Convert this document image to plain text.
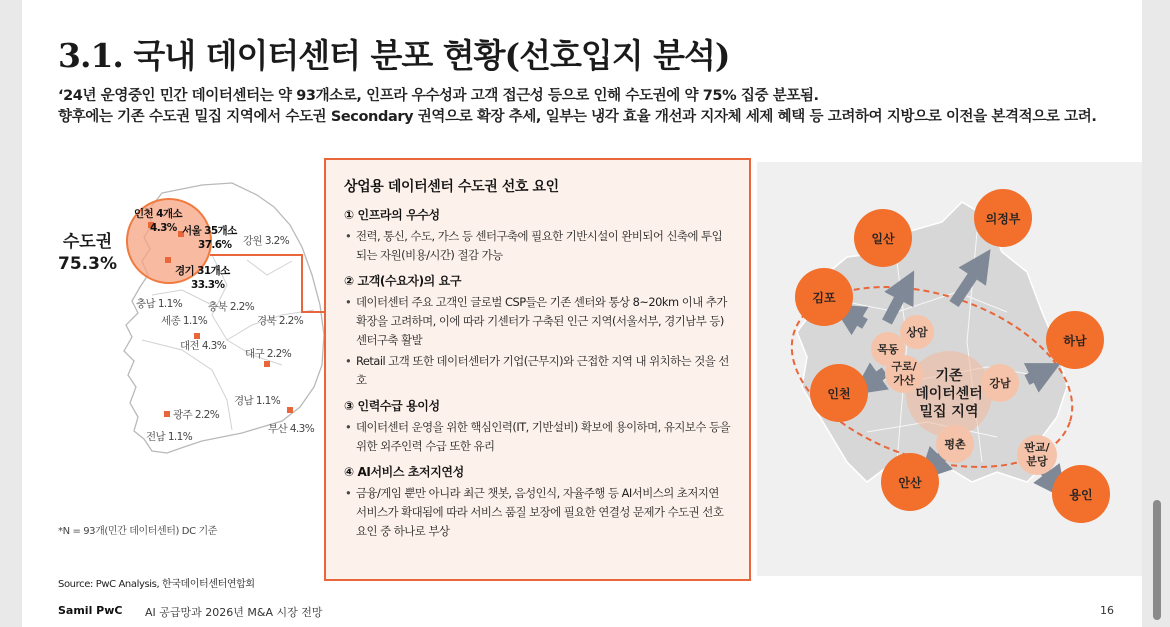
3.1. 국내 데이터센터 분포 현황(선호입지 분석)
‘24년 운영중인 민간 데이터센터는 약 93개소로, 인프라 우수성과 고객 접근성 등으로 인해 수도권에 약 75% 집중 분포됨.
향후에는 기존 수도권 밀집 지역에서 수도권 Secondary 권역으로 확장 추세, 일부는 냉각 효율 개선과 지자체 세제 혜택 등 고려하여 지방으로 이전을 본격적으로 고려.
수도권
75.3%
인천 4개소
4.3% 서울 35개소
37.6%
경기 31개소
33.3%
강원 3.2%
충남 1.1% 충북 2.2%
세종 1.1%	경북 2.2%
대전 4.3%
대구 2.2%
경남 1.1%
부산 4.3%
광주 2.2%
전남 1.1%
*N = 93개(민간 데이터센터) DC 기준
Source: PwC Analysis, 한국데이터센터연합회
Samil PwC AI 공급망과 2026년 M&A 시장 전망	16
상업용 데이터센터 수도권 선호 요인
① 인프라의 우수성
• 전력, 통신, 수도, 가스 등 센터구축에 필요한 기반시설이 완비되어 신축에 투입되는 자원(비용/시간) 절감 가능
② 고객(수요자)의 요구
• 데이터센터 주요 고객인 글로벌 CSP들은 기존 센터와 통상 8~20km 이내 추가확장을 고려하며, 이에 따라 기센터가 구축된 인근 지역(서울서부, 경기남부 등) 센터구축 활발
• Retail 고객 또한 데이터센터가 기업(근무지)와 근접한 지역 내 위치하는 것을 선호
③ 인력수급 용이성
• 데이터센터 운영을 위한 핵심인력(IT, 기반설비) 확보에 용이하며, 유지보수 등을 위한 외주인력 수급 또한 유리
④ AI서비스 초저지연성
• 금융/게임 뿐만 아니라 최근 챗봇, 음성인식, 자율주행 등 AI서비스의 초저지연 서비스가 확대됨에 따라 서비스 품질 보장에 필요한 연결성 문제가 수도권 선호요인 중 하나로 부상
기존
데이터센터
밀집 지역
상암
목동
구로/
가산	강남
평촌	판교/
분당
일산
의정부
김포
하남
인천
안산
용인
